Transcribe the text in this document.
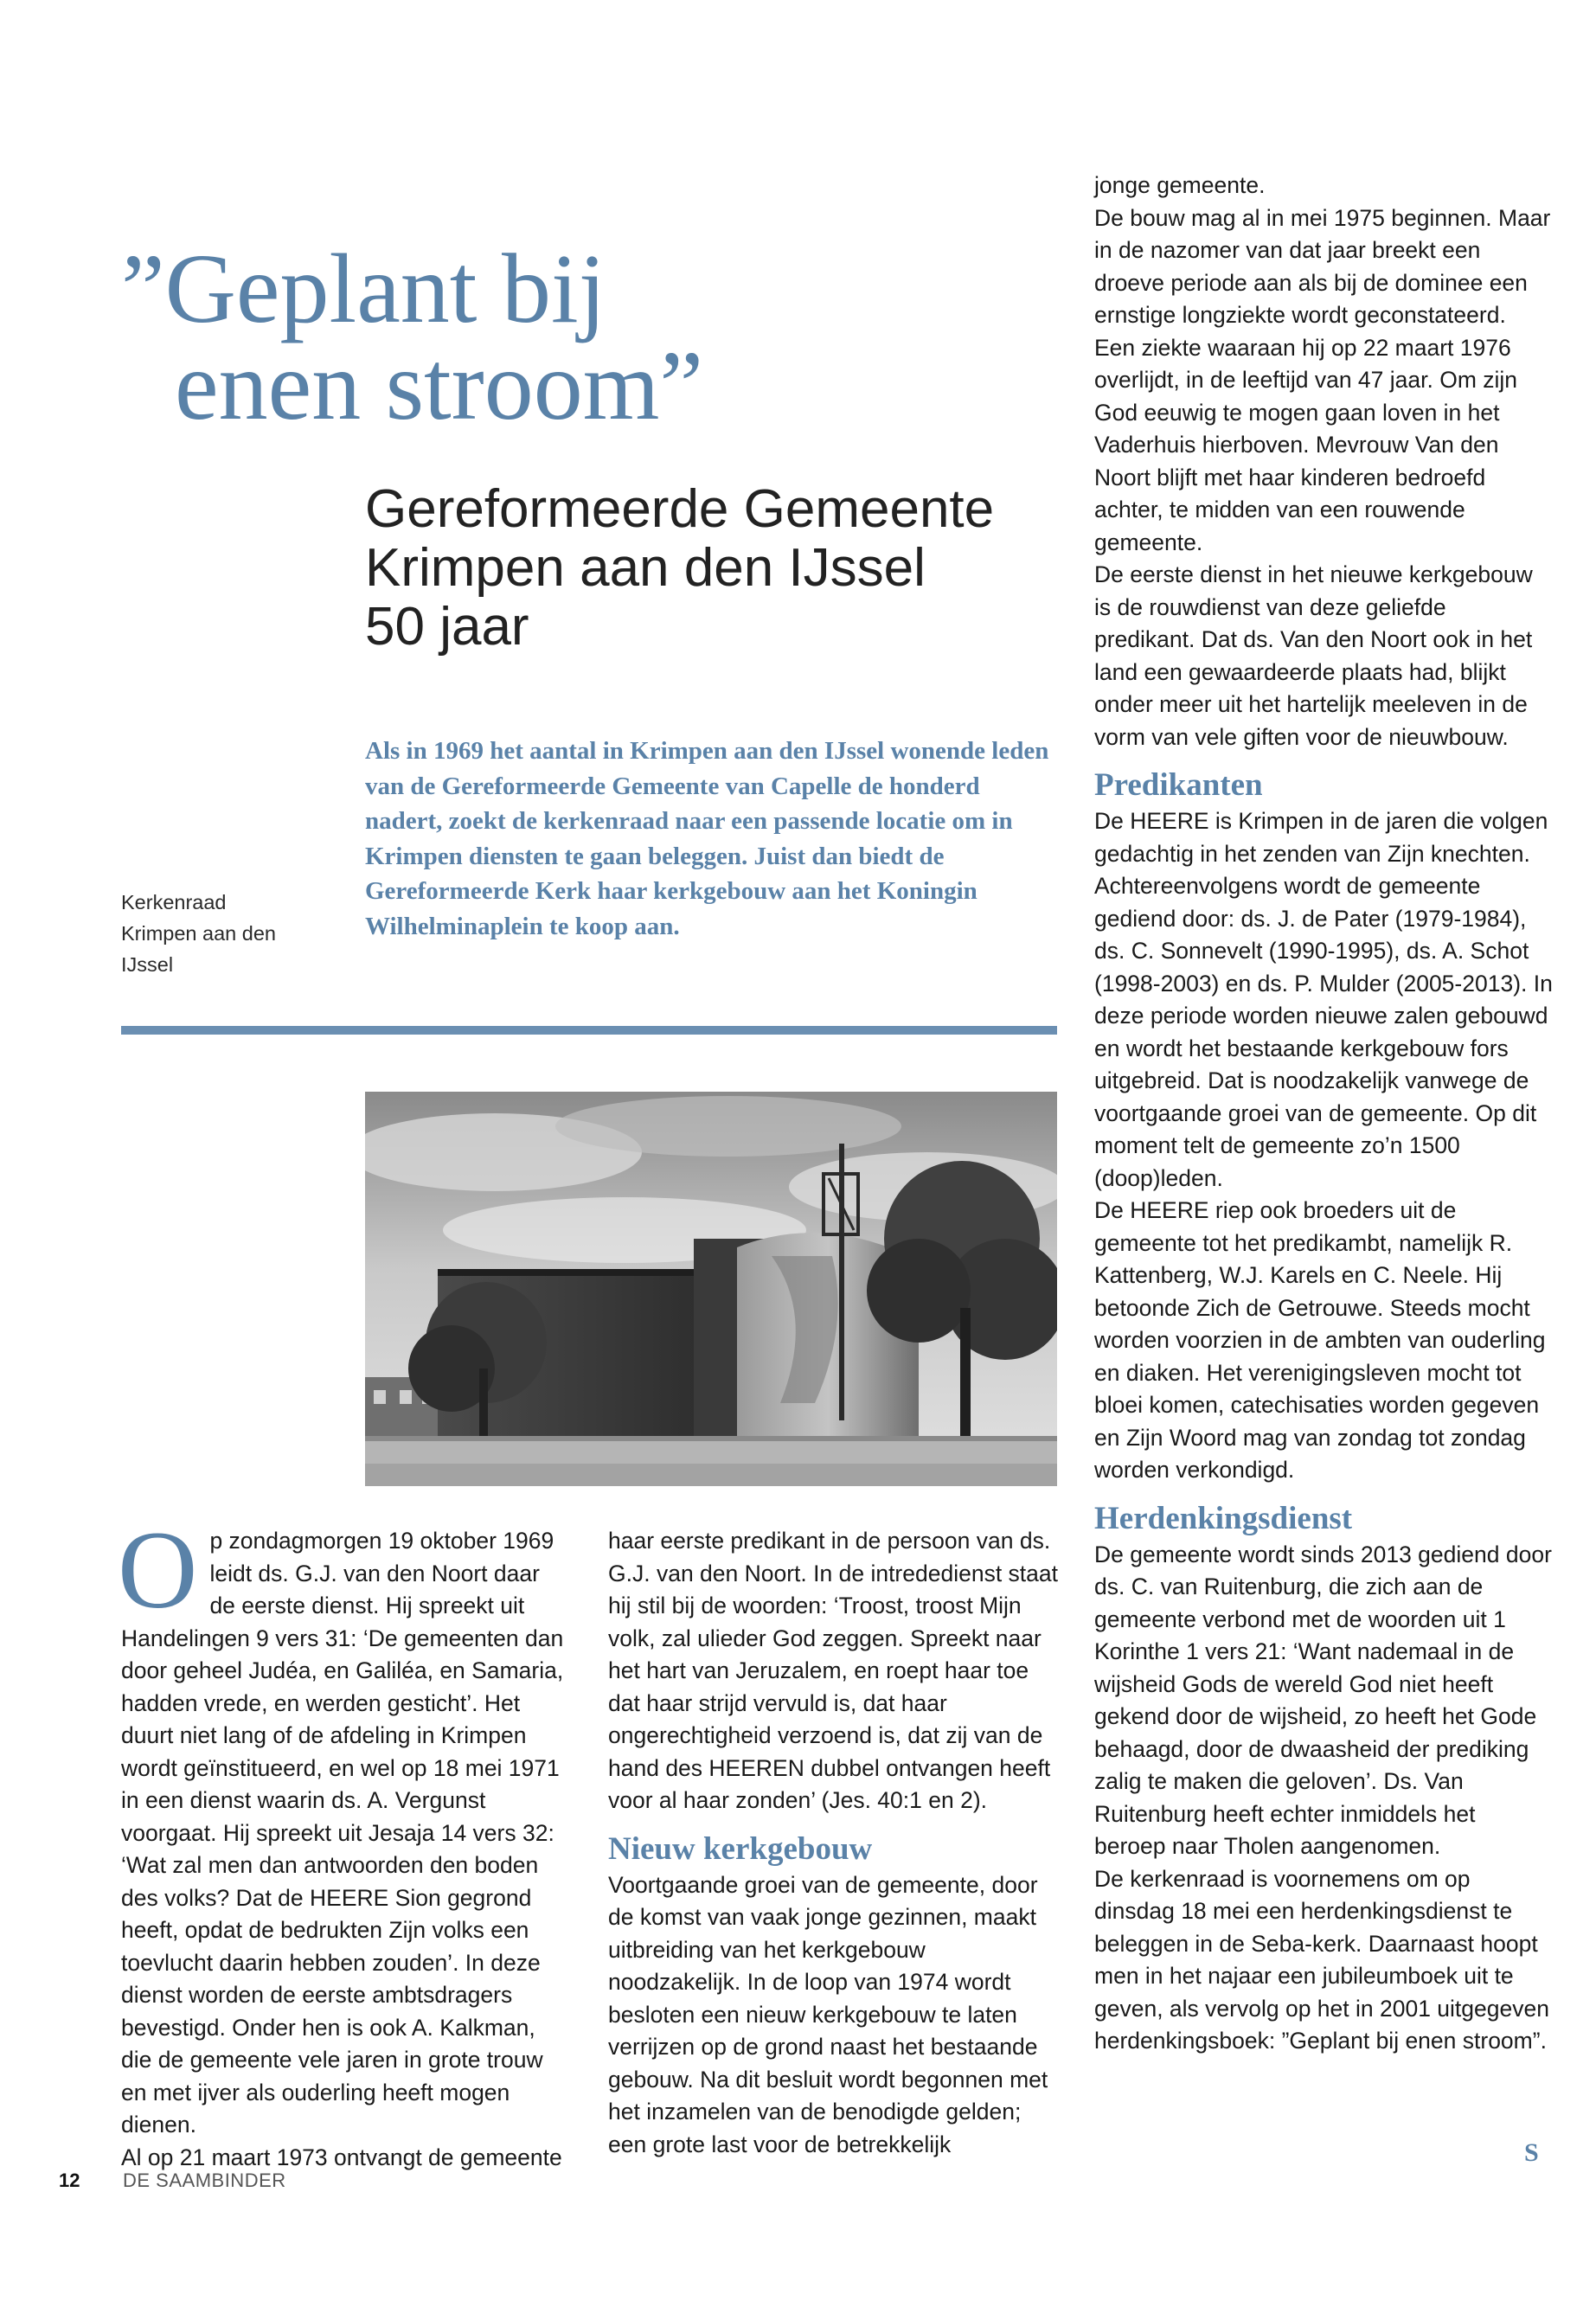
”Geplant bij

enen stroom”
Gereformeerde Gemeente
Krimpen aan den IJssel
50 jaar
Als in 1969 het aantal in Krimpen aan den IJssel wonende leden van de Gereformeerde Gemeente van Capelle de honderd nadert, zoekt de kerkenraad naar een passende locatie om in Krimpen diensten te gaan beleggen. Juist dan biedt de Gereformeerde Kerk haar kerkgebouw aan het Koningin Wilhelminaplein te koop aan.
Kerkenraad
Krimpen aan den
IJssel
O p zondagmorgen 19 oktober 1969 leidt ds. G.J. van den Noort daar de eerste dienst. Hij spreekt uit Handelingen 9 vers 31: ‘De gemeenten dan door geheel Judéa, en Galiléa, en Samaria, hadden vrede, en werden gesticht’. Het duurt niet lang of de afdeling in Krimpen wordt geïnstitueerd, en wel op 18 mei 1971 in een dienst waarin ds. A. Vergunst voorgaat. Hij spreekt uit Jesaja 14 vers 32: ‘Wat zal men dan antwoorden den boden des volks? Dat de HEERE Sion gegrond heeft, opdat de bedrukten Zijn volks een toevlucht daarin hebben zouden’. In deze dienst worden de eerste ambtsdragers bevestigd. Onder hen is ook A. Kalkman, die de gemeente vele jaren in grote trouw en met ijver als ouderling heeft mogen dienen.

Al op 21 maart 1973 ontvangt de gemeente

haar eerste predikant in de persoon van ds. G.J. van den Noort. In de intrededienst staat hij stil bij de woorden: ‘Troost, troost Mijn volk, zal ulieder God zeggen. Spreekt naar het hart van Jeruzalem, en roept haar toe dat haar strijd vervuld is, dat haar ongerechtigheid verzoend is, dat zij van de hand des HEEREN dubbel ontvangen heeft voor al haar zonden’ (Jes. 40:1 en 2).

Nieuw kerkgebouw

Voortgaande groei van de gemeente, door de komst van vaak jonge gezinnen, maakt uitbreiding van het kerkgebouw noodzakelijk. In de loop van 1974 wordt besloten een nieuw kerkgebouw te laten verrijzen op de grond naast het bestaande gebouw. Na dit besluit wordt begonnen met het inzamelen van de benodigde gelden; een grote last voor de betrekkelijk

jonge gemeente.

De bouw mag al in mei 1975 beginnen. Maar in de nazomer van dat jaar breekt een droeve periode aan als bij de dominee een ernstige longziekte wordt geconstateerd. Een ziekte waaraan hij op 22 maart 1976 overlijdt, in de leeftijd van 47 jaar. Om zijn God eeuwig te mogen gaan loven in het Vaderhuis hierboven. Mevrouw Van den Noort blijft met haar kinderen bedroefd achter, te midden van een rouwende gemeente.

De eerste dienst in het nieuwe kerkgebouw is de rouwdienst van deze geliefde predikant. Dat ds. Van den Noort ook in het land een gewaardeerde plaats had, blijkt onder meer uit het hartelijk meeleven in de vorm van vele giften voor de nieuwbouw.

Predikanten

De HEERE is Krimpen in de jaren die volgen gedachtig in het zenden van Zijn knechten. Achtereenvolgens wordt de gemeente gediend door: ds. J. de Pater (1979-1984), ds. C. Sonnevelt (1990-1995), ds. A. Schot (1998-2003) en ds. P. Mulder (2005-2013). In deze periode worden nieuwe zalen gebouwd en wordt het bestaande kerkgebouw fors uitgebreid. Dat is noodzakelijk vanwege de voortgaande groei van de gemeente. Op dit moment telt de gemeente zo’n 1500 (doop)leden.

De HEERE riep ook broeders uit de gemeente tot het predikambt, namelijk R. Kattenberg, W.J. Karels en C. Neele. Hij betoonde Zich de Getrouwe. Steeds mocht worden voorzien in de ambten van ouderling en diaken. Het verenigingsleven mocht tot bloei komen, catechisaties worden gegeven en Zijn Woord mag van zondag tot zondag worden verkondigd.

Herdenkingsdienst

De gemeente wordt sinds 2013 gediend door ds. C. van Ruitenburg, die zich aan de gemeente verbond met de woorden uit 1 Korinthe 1 vers 21: ‘Want nademaal in de wijsheid Gods de wereld God niet heeft gekend door de wijsheid, zo heeft het Gode behaagd, door de dwaasheid der prediking zalig te maken die geloven’. Ds. Van Ruitenburg heeft echter inmiddels het beroep naar Tholen aangenomen.

De kerkenraad is voornemens om op dinsdag 18 mei een herdenkingsdienst te beleggen in de Seba-kerk. Daarnaast hoopt men in het najaar een jubileumboek uit te geven, als vervolg op het in 2001 uitgegeven herdenkingsboek: ”Geplant bij enen stroom”.

S
12 DE SAAMBINDER
